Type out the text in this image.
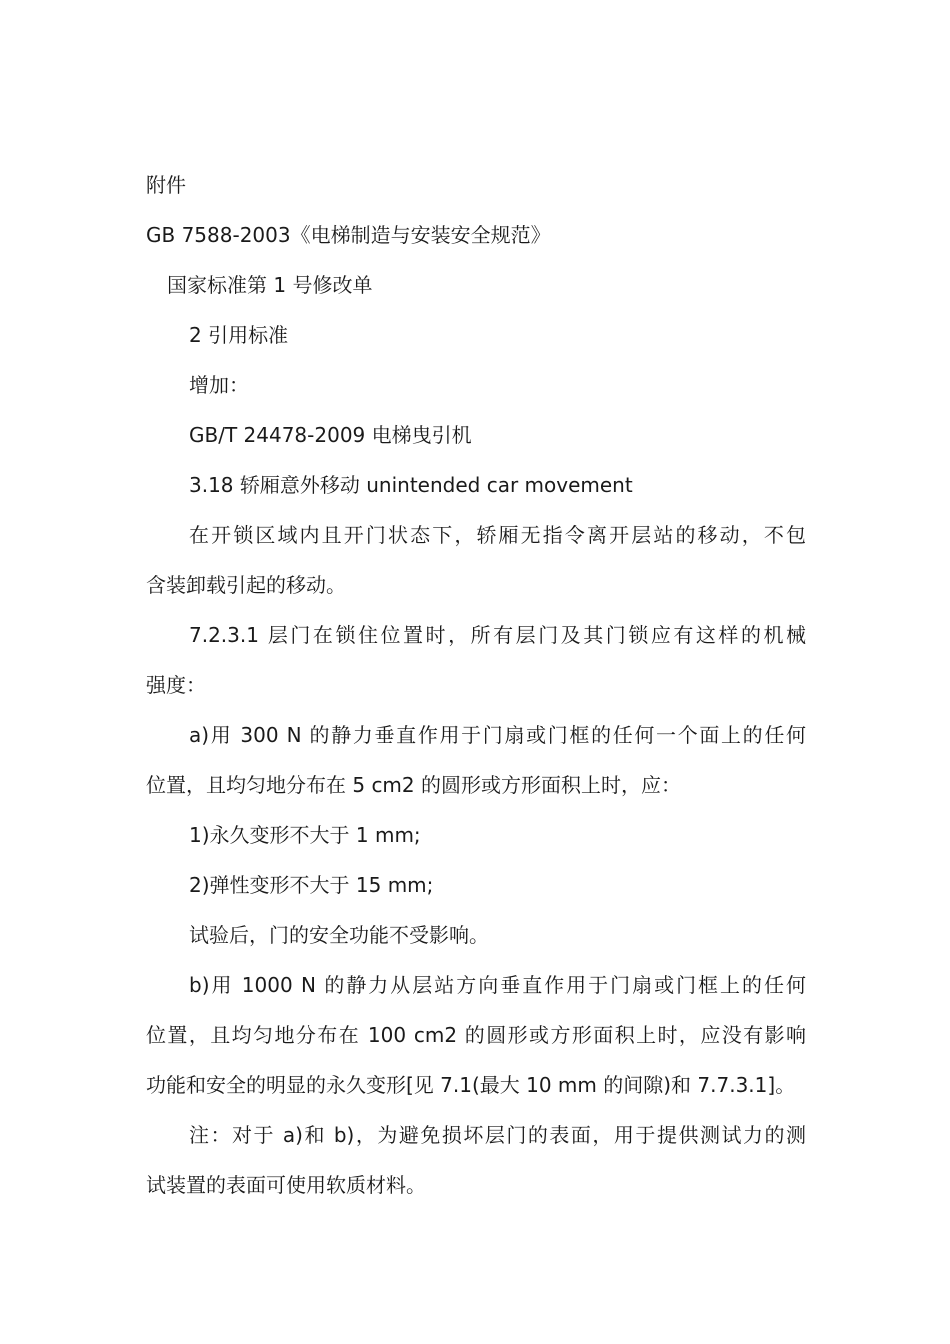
附件
GB 7588-2003《电梯制造与安装安全规范》
国家标准第 1 号修改单
2 引用标准
增加：
GB/T 24478-2009 电梯曳引机
3.18 轿厢意外移动 unintended car movement
在开锁区域内且开门状态下，轿厢无指令离开层站的移动，不包
含装卸载引起的移动。
7.2.3.1 层门在锁住位置时，所有层门及其门锁应有这样的机械
强度：
a)用 300 N 的静力垂直作用于门扇或门框的任何一个面上的任何
位置，且均匀地分布在 5 cm2 的圆形或方形面积上时，应：
1)永久变形不大于 1 mm;
2)弹性变形不大于 15 mm;
试验后，门的安全功能不受影响。
b)用 1000 N 的静力从层站方向垂直作用于门扇或门框上的任何
位置，且均匀地分布在 100 cm2 的圆形或方形面积上时，应没有影响
功能和安全的明显的永久变形[见 7.1(最大 10 mm 的间隙)和 7.7.3.1]。
注：对于 a)和 b)，为避免损坏层门的表面，用于提供测试力的测
试装置的表面可使用软质材料。
